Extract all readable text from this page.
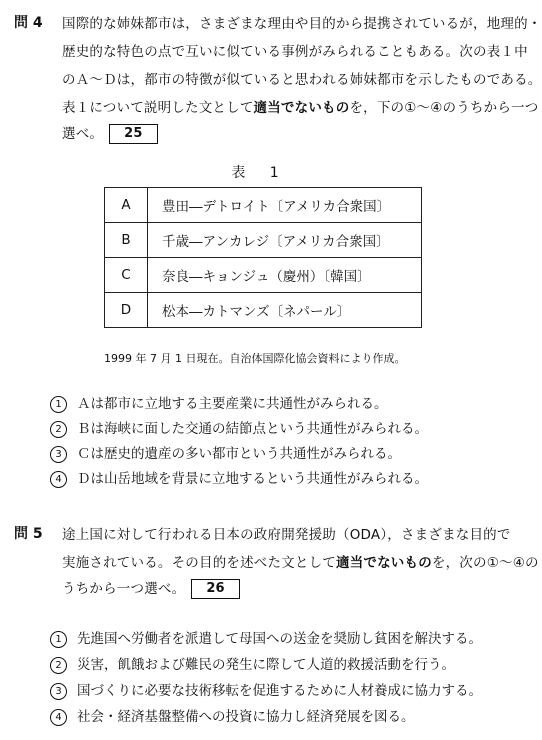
問 4 国際的な姉妹都市は，さまざまな理由や目的から提携されているが，地理的・
歴史的な特色の点で互いに似ている事例がみられることもある。次の表１中
のＡ～Ｄは，都市の特徴が似ていると思われる姉妹都市を示したものである。
表１について説明した文として適当でないものを，下の①～④のうちから一つ
選べ。 25
表 1
A	豊田―デトロイト〔アメリカ合衆国〕
B	千歳―アンカレジ〔アメリカ合衆国〕
C	奈良―キョンジュ（慶州）〔韓国〕
D	松本―カトマンズ〔ネパール〕
1999 年 7 月 1 日現在。自治体国際化協会資料により作成。
1 Ａは都市に立地する主要産業に共通性がみられる。
2 Ｂは海峡に面した交通の結節点という共通性がみられる。
3 Ｃは歴史的遺産の多い都市という共通性がみられる。
4 Ｄは山岳地域を背景に立地するという共通性がみられる。
問 5 途上国に対して行われる日本の政府開発援助（ODA），さまざまな目的で
実施されている。その目的を述べた文として適当でないものを，次の①～④の
うちから一つ選べ。 26
1 先進国へ労働者を派遣して母国への送金を奨励し貧困を解決する。
2 災害，飢餓および難民の発生に際して人道的救援活動を行う。
3 国づくりに必要な技術移転を促進するために人材養成に協力する。
4 社会・経済基盤整備への投資に協力し経済発展を図る。
